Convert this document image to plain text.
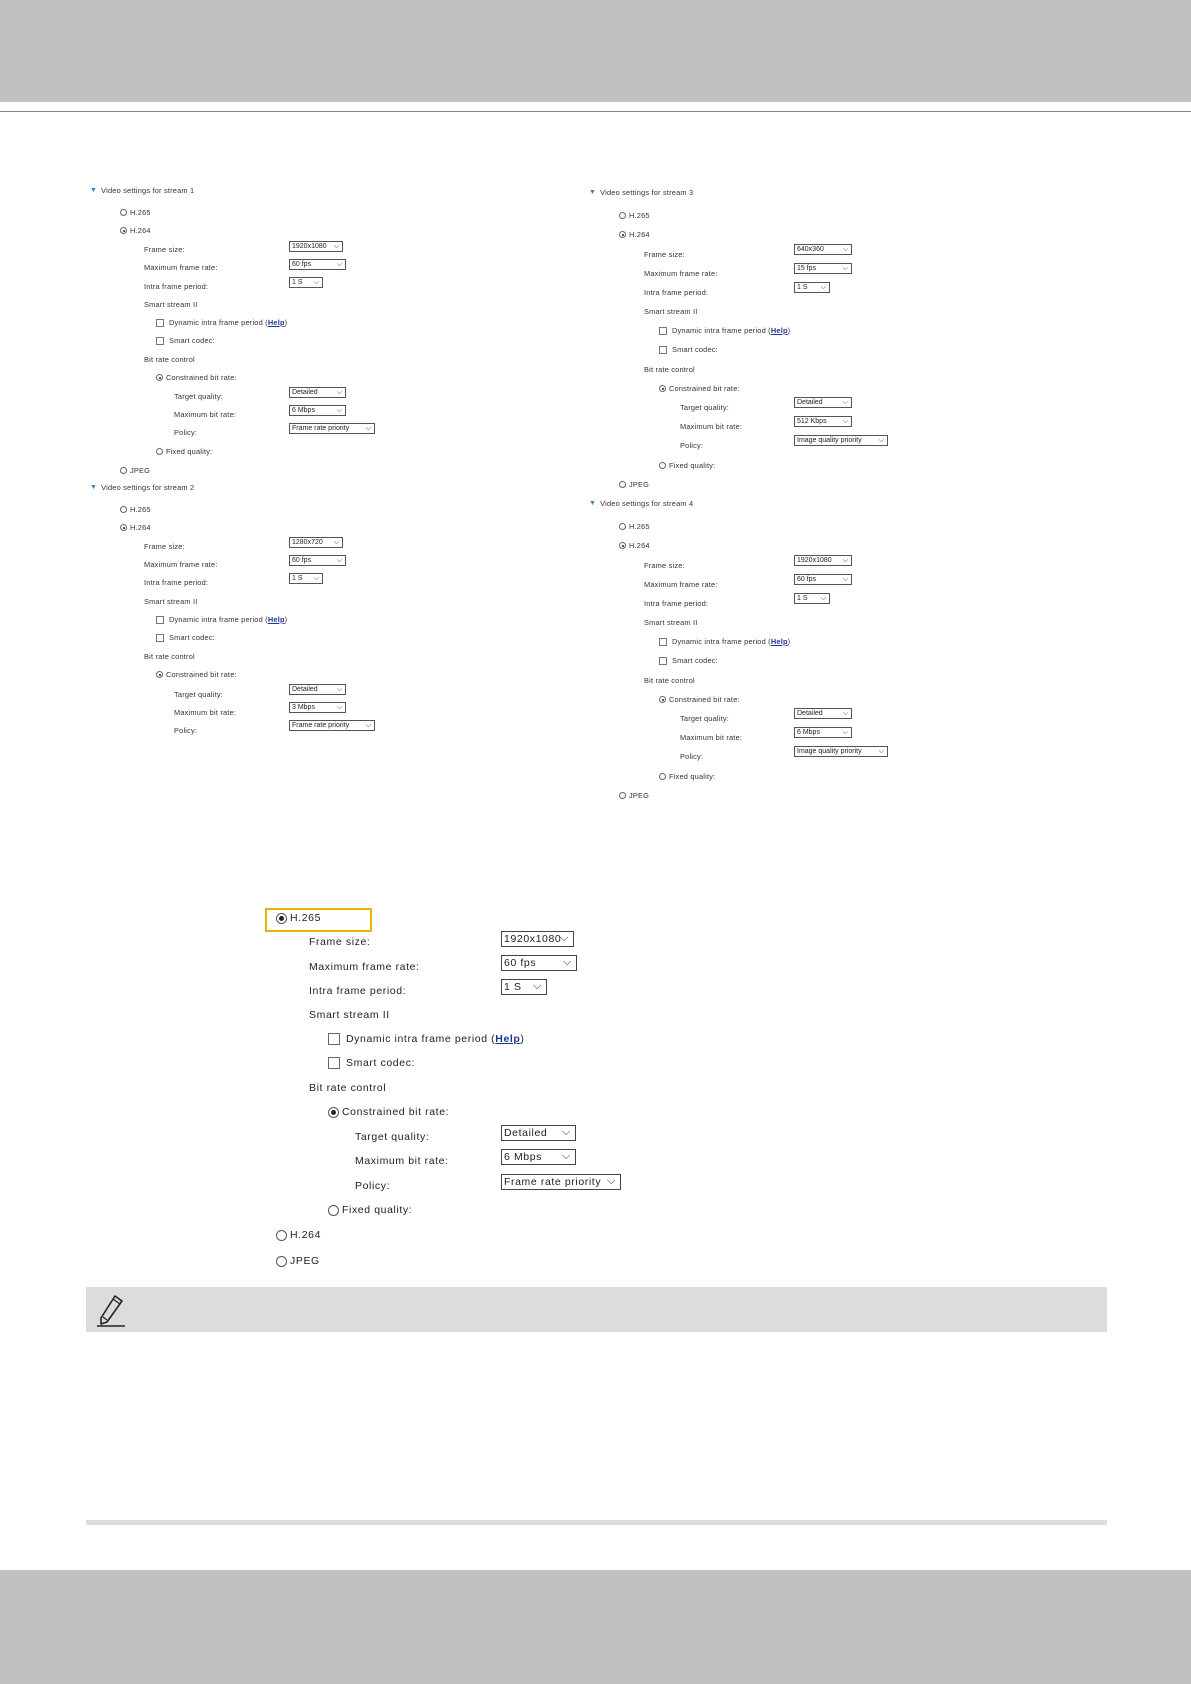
▼ Video settings for stream 1
H.265
H.264
Frame size:	1920x1080 ⌵
Maximum frame rate:	60 fps	⌵
Intra frame period:	1 S ⌵
Smart stream II
Dynamic intra frame period ( Help )
Smart codec:
Bit rate control
Constrained bit rate:
Target quality:	Detailed	⌵
Maximum bit rate:	6 Mbps	⌵
Policy:	Frame rate priority ⌵
Fixed quality:
JPEG
▼ Video settings for stream 2
H.265
H.264
Frame size:	1280x720 ⌵
Maximum frame rate:	60 fps	⌵
Intra frame period:	1 S ⌵
Smart stream II
Dynamic intra frame period ( Help )
Smart codec:
Bit rate control
Constrained bit rate:
Target quality:
Detailed	⌵
Maximum bit rate:
3 Mbps	⌵
Policy:
Frame rate priority ⌵
▼ Video settings for stream 3
H.265
H.264
Frame size:
640x360	⌵
Maximum frame rate:
15 fps	⌵
Intra frame period:
1 S ⌵
Smart stream II
Dynamic intra frame period ( Help )
Smart codec:
Bit rate control
Constrained bit rate:
Target quality:
Detailed	⌵
Maximum bit rate:
512 Kbps ⌵
Policy:
Image quality priority ⌵
Fixed quality:
JPEG
▼ Video settings for stream 4
H.265
H.264
Frame size:
1920x1080 ⌵
Maximum frame rate:
60 fps	⌵
Intra frame period:
1 S ⌵
Smart stream II
Dynamic intra frame period ( Help )
Smart codec:
Bit rate control
Constrained bit rate:
Target quality:
Detailed	⌵
Maximum bit rate:
6 Mbps	⌵
Policy:
Image quality priority ⌵
Fixed quality:
JPEG
H.265
Frame size:	1920x1080
⌵
Maximum frame rate:	60 fps ⌵
Intra frame period:	1 S ⌵
Smart stream II
Dynamic intra frame period ( Help )
Smart codec:
Bit rate control
Constrained bit rate:
Target quality:	Detailed ⌵
Maximum bit rate:	6 Mbps ⌵
Policy:	Frame rate priority ⌵
Fixed quality:
H.264
JPEG
